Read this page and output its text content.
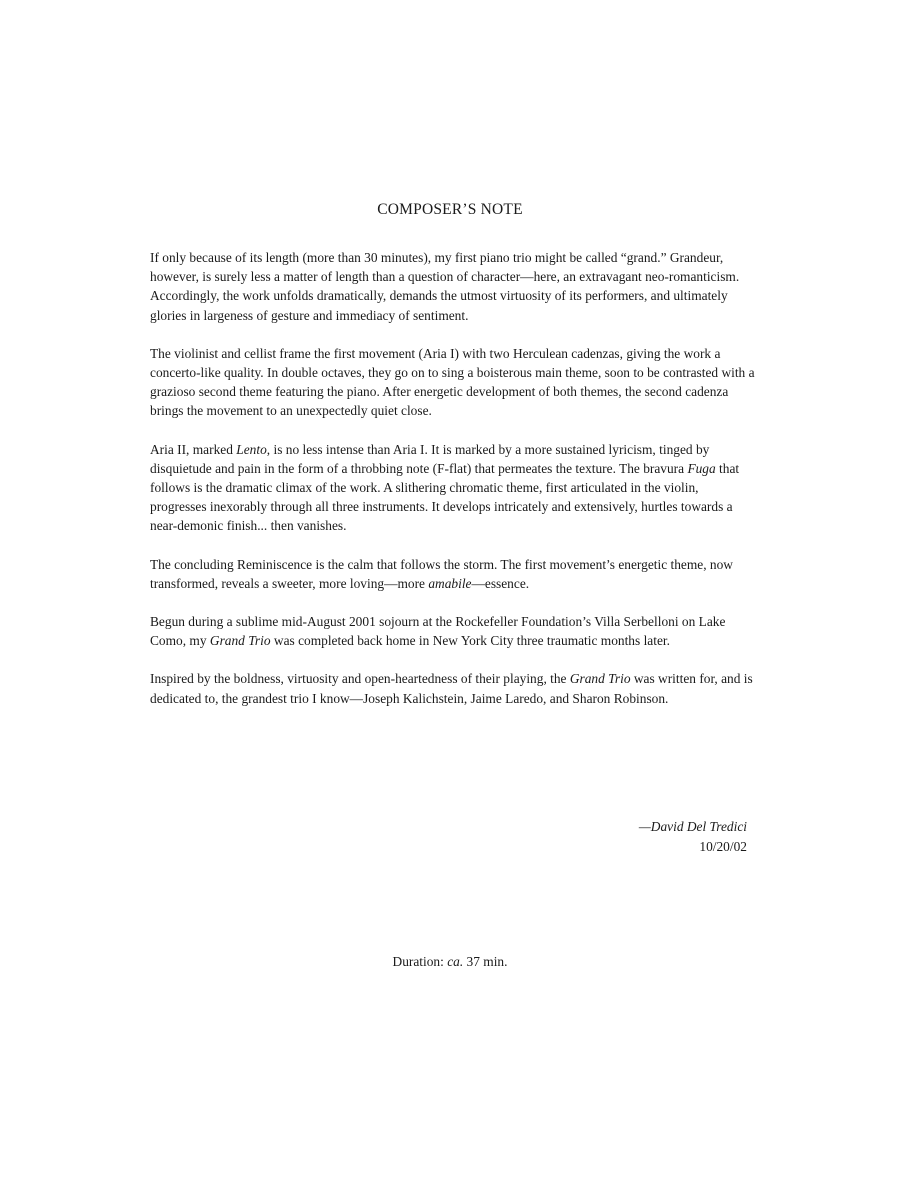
COMPOSER’S NOTE

If only because of its length (more than 30 minutes), my first piano trio might be called “grand.” Grandeur, however, is surely less a matter of length than a question of character—here, an extravagant neo-romanticism. Accordingly, the work unfolds dramatically, demands the utmost virtuosity of its performers, and ultimately glories in largeness of gesture and immediacy of sentiment.

The violinist and cellist frame the first movement (Aria I) with two Herculean cadenzas, giving the work a concerto-like quality. In double octaves, they go on to sing a boisterous main theme, soon to be contrasted with a grazioso second theme featuring the piano. After energetic development of both themes, the second cadenza brings the movement to an unexpectedly quiet close.

Aria II, marked Lento, is no less intense than Aria I. It is marked by a more sustained lyricism, tinged by disquietude and pain in the form of a throbbing note (F-flat) that permeates the texture. The bravura Fuga that follows is the dramatic climax of the work. A slithering chromatic theme, first articulated in the violin, progresses inexorably through all three instruments. It develops intricately and extensively, hurtles towards a near-demonic finish... then vanishes.

The concluding Reminiscence is the calm that follows the storm. The first movement’s energetic theme, now transformed, reveals a sweeter, more loving—more amabile—essence.

Begun during a sublime mid-August 2001 sojourn at the Rockefeller Foundation’s Villa Serbelloni on Lake Como, my Grand Trio was completed back home in New York City three traumatic months later.

Inspired by the boldness, virtuosity and open-heartedness of their playing, the Grand Trio was written for, and is dedicated to, the grandest trio I know—Joseph Kalichstein, Jaime Laredo, and Sharon Robinson.

—David Del Tredici
10/20/02
Duration: ca. 37 min.
